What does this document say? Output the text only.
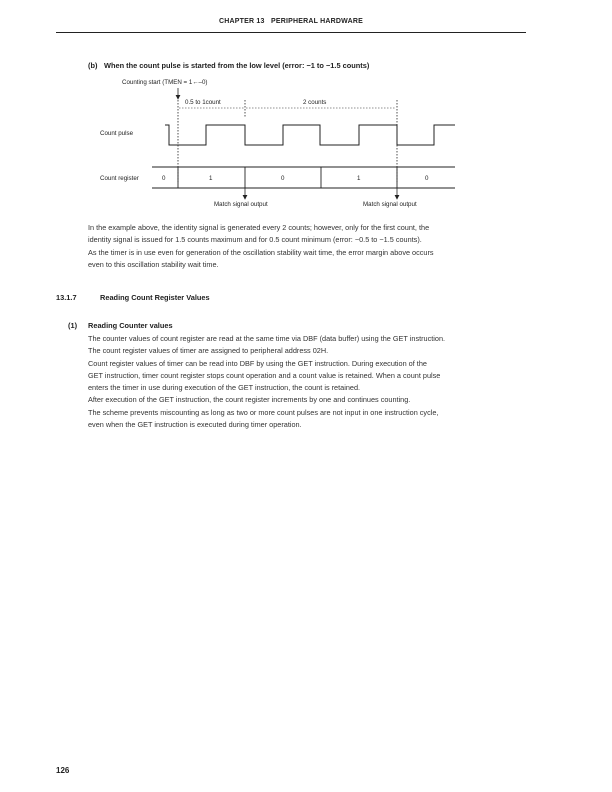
CHAPTER 13 PERIPHERAL HARDWARE
(b) When the count pulse is started from the low level (error: −1 to −1.5 counts)
Counting start (TMEN = 1←–0)
0.5 to 1count	2 counts
Count pulse
Count register	0	1	0	1	0
Match signal output	Match signal output

In the example above, the identity signal is generated every 2 counts; however, only for the first count, the

identity signal is issued for 1.5 counts maximum and for 0.5 count minimum (error: −0.5 to −1.5 counts).

As the timer is in use even for generation of the oscillation stability wait time, the error margin above occurs

even to this oscillation stability wait time.

13.1.7	Reading Count Register Values
(1) Reading Counter values

The counter values of count register are read at the same time via DBF (data buffer) using the GET instruction.

The count register values of timer are assigned to peripheral address 02H.

Count register values of timer can be read into DBF by using the GET instruction. During execution of the

GET instruction, timer count register stops count operation and a count value is retained. When a count pulse

enters the timer in use during execution of the GET instruction, the count is retained.

After execution of the GET instruction, the count register increments by one and continues counting.

The scheme prevents miscounting as long as two or more count pulses are not input in one instruction cycle,

even when the GET instruction is executed during timer operation.

126
